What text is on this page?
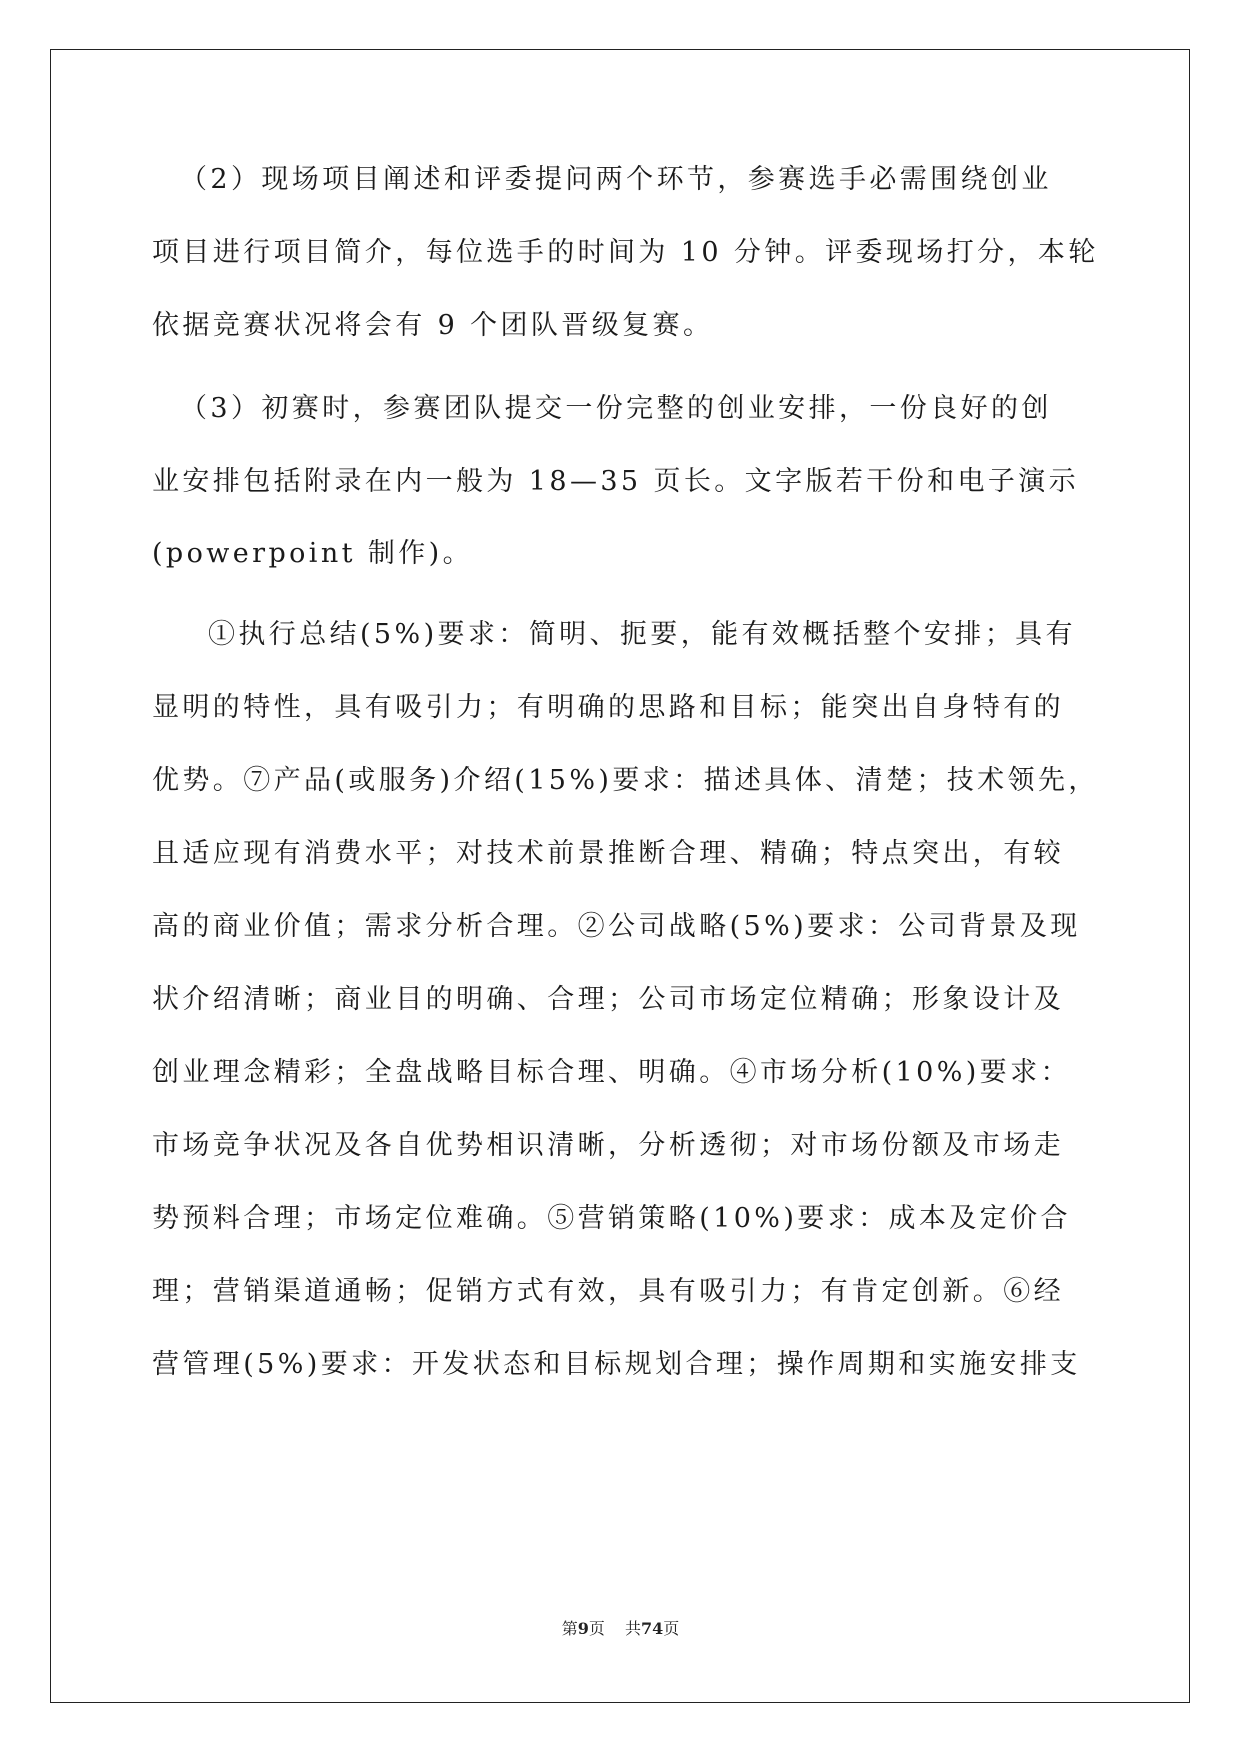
（2）现场项目阐述和评委提问两个环节，参赛选手必需围绕创业
项目进行项目简介，每位选手的时间为 10 分钟。评委现场打分，本轮
依据竞赛状况将会有 9 个团队晋级复赛。
（3）初赛时，参赛团队提交一份完整的创业安排，一份良好的创
业安排包括附录在内一般为 18—35 页长。文字版若干份和电子演示
(powerpoint 制作)。
①执行总结(5%)要求：简明、扼要，能有效概括整个安排；具有
显明的特性，具有吸引力；有明确的思路和目标；能突出自身特有的
优势。⑦产品(或服务)介绍(15%)要求：描述具体、清楚；技术领先，
且适应现有消费水平；对技术前景推断合理、精确；特点突出，有较
高的商业价值；需求分析合理。②公司战略(5%)要求：公司背景及现
状介绍清晰；商业目的明确、合理；公司市场定位精确；形象设计及
创业理念精彩；全盘战略目标合理、明确。④市场分析(10%)要求：
市场竞争状况及各自优势相识清晰，分析透彻；对市场份额及市场走
势预料合理；市场定位难确。⑤营销策略(10%)要求：成本及定价合
理；营销渠道通畅；促销方式有效，具有吸引力；有肯定创新。⑥经
营管理(5%)要求：开发状态和目标规划合理；操作周期和实施安排支
第9页 共74页
